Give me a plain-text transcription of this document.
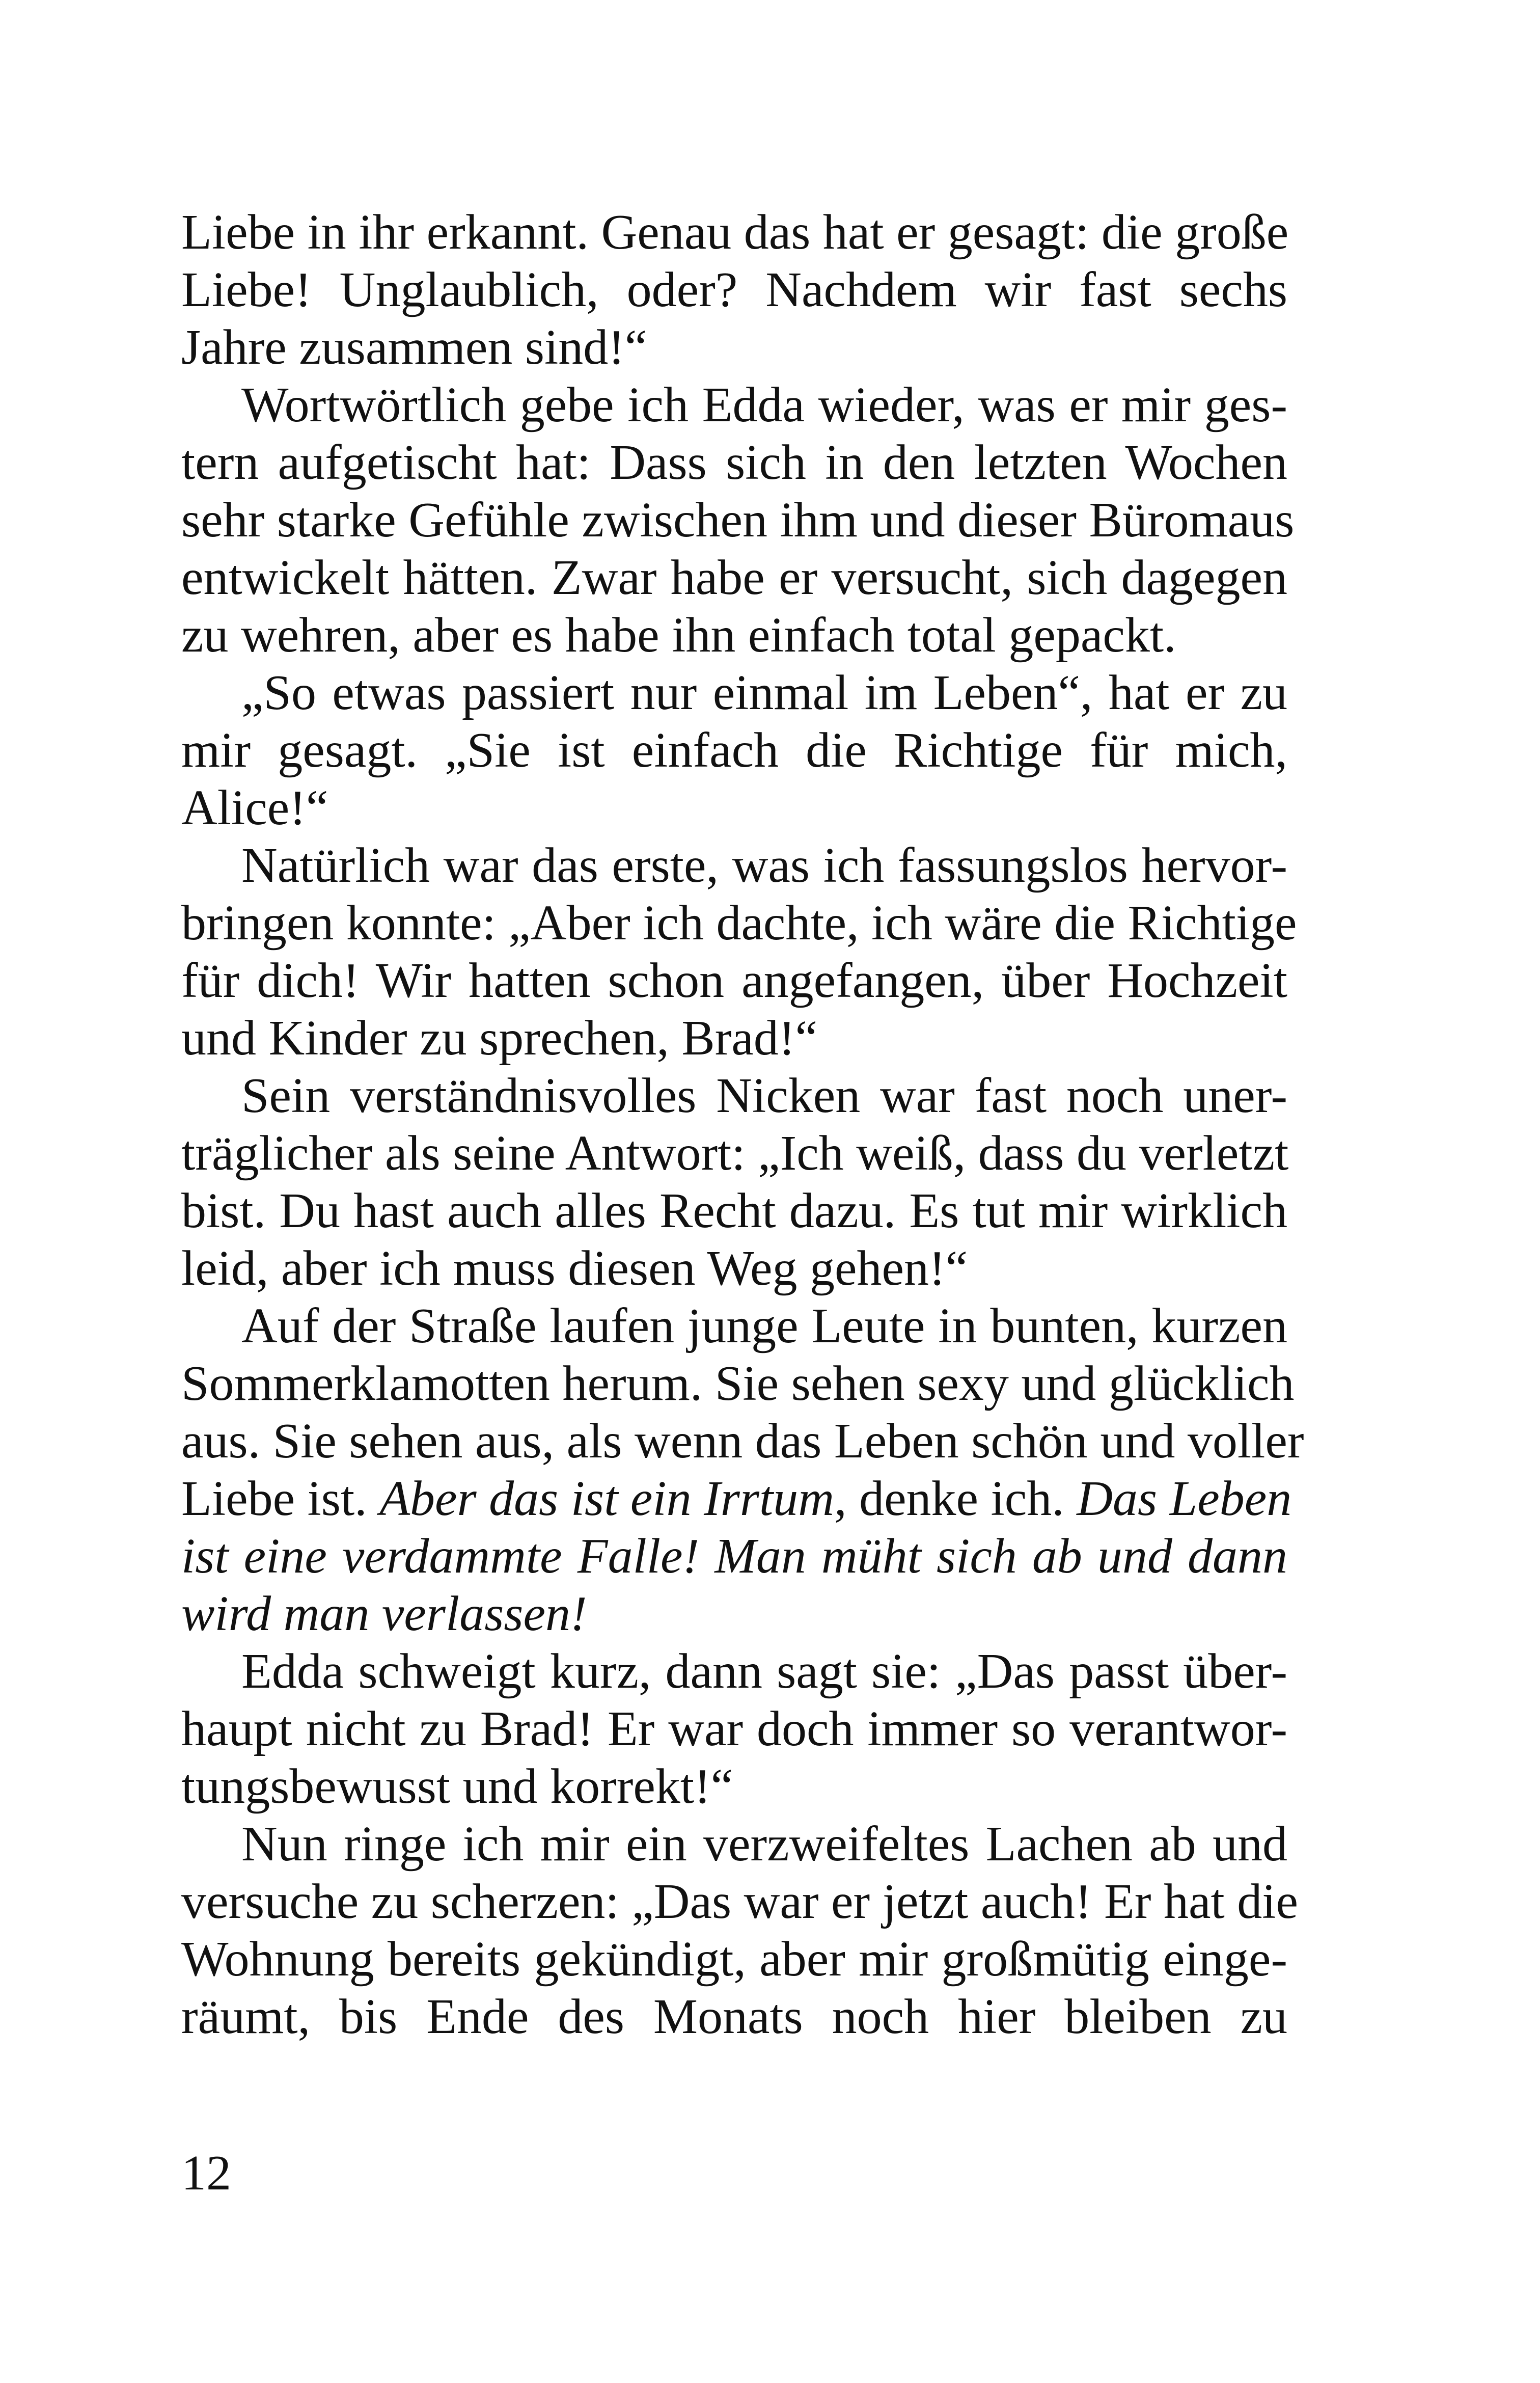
Liebe in ihr erkannt. Genau das hat er gesagt: die große
Liebe! Unglaublich, oder? Nachdem wir fast sechs
Jahre zusammen sind!“
Wortwörtlich gebe ich Edda wieder, was er mir ges-
tern aufgetischt hat: Dass sich in den letzten Wochen
sehr starke Gefühle zwischen ihm und dieser Büromaus
entwickelt hätten. Zwar habe er versucht, sich dagegen
zu wehren, aber es habe ihn einfach total gepackt.
„So etwas passiert nur einmal im Leben“, hat er zu
mir gesagt. „Sie ist einfach die Richtige für mich,
Alice!“
Natürlich war das erste, was ich fassungslos hervor-
bringen konnte: „Aber ich dachte, ich wäre die Richtige
für dich! Wir hatten schon angefangen, über Hochzeit
und Kinder zu sprechen, Brad!“
Sein verständnisvolles Nicken war fast noch uner-
träglicher als seine Antwort: „Ich weiß, dass du verletzt
bist. Du hast auch alles Recht dazu. Es tut mir wirklich
leid, aber ich muss diesen Weg gehen!“
Auf der Straße laufen junge Leute in bunten, kurzen
Sommerklamotten herum. Sie sehen sexy und glücklich
aus. Sie sehen aus, als wenn das Leben schön und voller
Liebe ist. Aber das ist ein Irrtum, denke ich. Das Leben
ist eine verdammte Falle! Man müht sich ab und dann
wird man verlassen!
Edda schweigt kurz, dann sagt sie: „Das passt über-
haupt nicht zu Brad! Er war doch immer so verantwor-
tungsbewusst und korrekt!“
Nun ringe ich mir ein verzweifeltes Lachen ab und
versuche zu scherzen: „Das war er jetzt auch! Er hat die
Wohnung bereits gekündigt, aber mir großmütig einge-
räumt, bis Ende des Monats noch hier bleiben zu
12
